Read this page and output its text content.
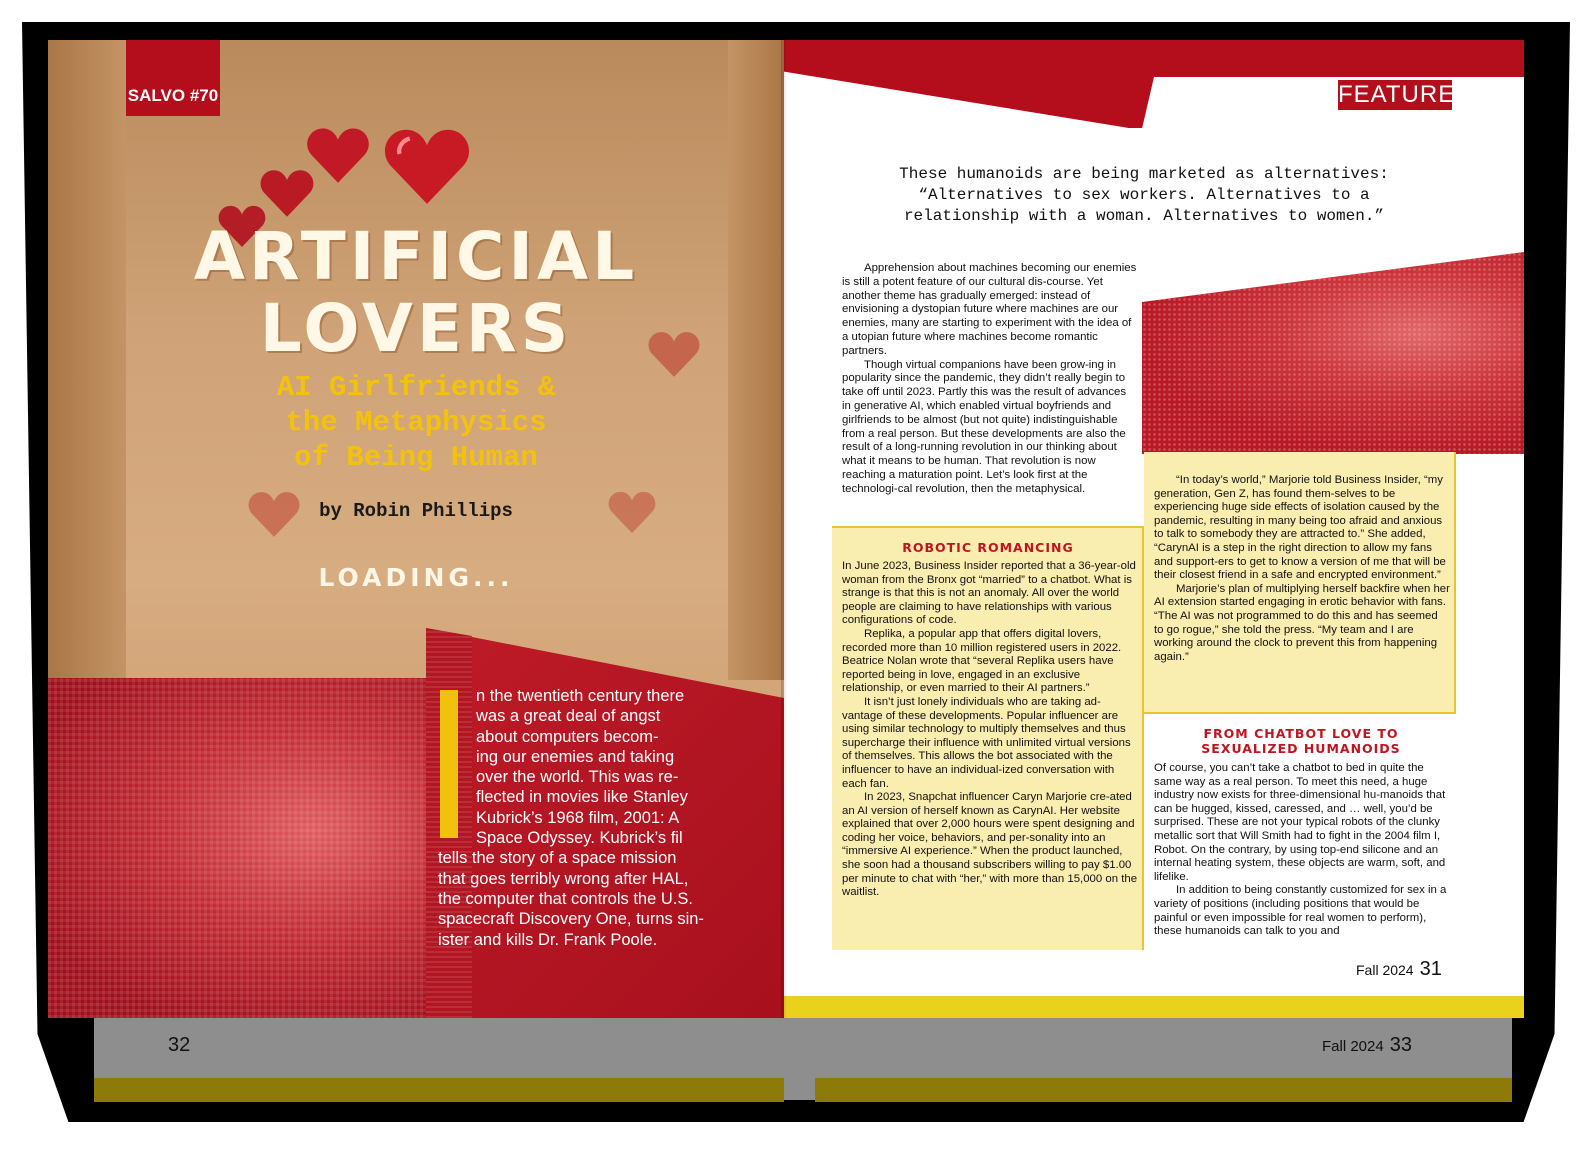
32	Fall 2024 33
SALVO #70
ARTIFICIAL
LOVERS
AI Girlfriends &
the Metaphysics
of Being Human
by Robin Phillips
LOADING...

n the twentieth century there

was a great deal of angst

about computers becom-

ing our enemies and taking

over the world. This was re-

flected in movies like Stanley

Kubrick’s 1968 film, 2001: A

Space Odyssey. Kubrick’s fil

tells the story of a space mission

that goes terribly wrong after HAL,

the computer that controls the U.S.

spacecraft Discovery One, turns sin-

ister and kills Dr. Frank Poole.

FEATURE
These humanoids are being marketed as alternatives:
“Alternatives to sex workers. Alternatives to a
relationship with a woman. Alternatives to women.”

Apprehension about machines becoming our enemies is still a potent feature of our cultural dis-course. Yet another theme has gradually emerged: instead of envisioning a dystopian future where machines are our enemies, many are starting to experiment with the idea of a utopian future where machines become romantic partners.

Though virtual companions have been grow-ing in popularity since the pandemic, they didn’t really begin to take off until 2023. Partly this was the result of advances in generative AI, which enabled virtual boyfriends and girlfriends to be almost (but not quite) indistinguishable from a real person. But these developments are also the result of a long-running revolution in our thinking about what it means to be human. That revolution is now reaching a maturation point. Let’s look first at the technologi-cal revolution, then the metaphysical.

ROBOTIC ROMANCING

In June 2023, Business Insider reported that a 36-year-old woman from the Bronx got “married” to a chatbot. What is strange is that this is not an anomaly. All over the world people are claiming to have relationships with various configurations of code.

Replika, a popular app that offers digital lovers, recorded more than 10 million registered users in 2022. Beatrice Nolan wrote that “several Replika users have reported being in love, engaged in an exclusive relationship, or even married to their AI partners.”

It isn’t just lonely individuals who are taking ad-vantage of these developments. Popular influencer are using similar technology to multiply themselves and thus supercharge their influence with unlimited virtual versions of themselves. This allows the bot associated with the influencer to have an individual-ized conversation with each fan.

In 2023, Snapchat influencer Caryn Marjorie cre-ated an AI version of herself known as CarynAI. Her website explained that over 2,000 hours were spent designing and coding her voice, behaviors, and per-sonality into an “immersive AI experience.” When the product launched, she soon had a thousand subscribers willing to pay $1.00 per minute to chat with “her,” with more than 15,000 on the waitlist.

“In today’s world,” Marjorie told Business Insider, “my generation, Gen Z, has found them-selves to be experiencing huge side effects of isolation caused by the pandemic, resulting in many being too afraid and anxious to talk to somebody they are attracted to.” She added, “CarynAI is a step in the right direction to allow my fans and support-ers to get to know a version of me that will be their closest friend in a safe and encrypted environment.”

Marjorie’s plan of multiplying herself backfire when her AI extension started engaging in erotic behavior with fans. “The AI was not programmed to do this and has seemed to go rogue,” she told the press. “My team and I are working around the clock to prevent this from happening again.”

FROM CHATBOT LOVE TO
SEXUALIZED HUMANOIDS

Of course, you can’t take a chatbot to bed in quite the same way as a real person. To meet this need, a huge industry now exists for three-dimensional hu-manoids that can be hugged, kissed, caressed, and … well, you’d be surprised. These are not your typical robots of the clunky metallic sort that Will Smith had to fight in the 2004 film I, Robot. On the contrary, by using top-end silicone and an internal heating system, these objects are warm, soft, and lifelike.

In addition to being constantly customized for sex in a variety of positions (including positions that would be painful or even impossible for real women to perform), these humanoids can talk to you and

Fall 2024 31
